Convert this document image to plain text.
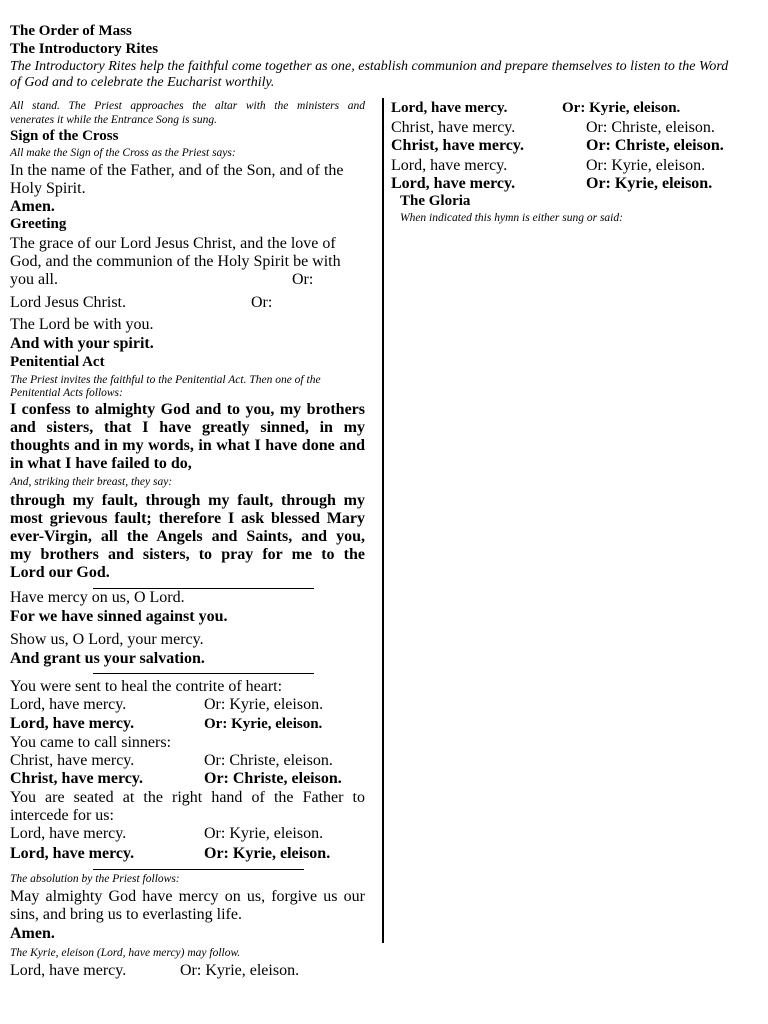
The Order of Mass
The Introductory Rites
The Introductory Rites help the faithful come together as one, establish communion and prepare themselves to listen to the Word
of God and to celebrate the Eucharist worthily.
All stand. The Priest approaches the altar with the ministers and
venerates it while the Entrance Song is sung.
Sign of the Cross
All make the Sign of the Cross as the Priest says:
In the name of the Father, and of the Son, and of the
Holy Spirit.
Amen.
Greeting
The grace of our Lord Jesus Christ, and the love of
God, and the communion of the Holy Spirit be with
you all.	Or:
Lord Jesus Christ.	Or:
The Lord be with you.
And with your spirit.
Penitential Act
The Priest invites the faithful to the Penitential Act. Then one of the
Penitential Acts follows:
I confess to almighty God and to you, my brothers
and sisters, that I have greatly sinned, in my
thoughts and in my words, in what I have done and
in what I have failed to do,
And, striking their breast, they say:
through my fault, through my fault, through my
most grievous fault; therefore I ask blessed Mary
ever-Virgin, all the Angels and Saints, and you,
my brothers and sisters, to pray for me to the
Lord our God.
Have mercy on us, O Lord.
For we have sinned against you.
Show us, O Lord, your mercy.
And grant us your salvation.
You were sent to heal the contrite of heart:
Lord, have mercy.	Or: Kyrie, eleison.
Lord, have mercy.	Or: Kyrie, eleison.
You came to call sinners:
Christ, have mercy.	Or: Christe, eleison.
Christ, have mercy.	Or: Christe, eleison.
You are seated at the right hand of the Father to
intercede for us:
Lord, have mercy.	Or: Kyrie, eleison.
Lord, have mercy.	Or: Kyrie, eleison.
The absolution by the Priest follows:
May almighty God have mercy on us, forgive us our
sins, and bring us to everlasting life.
Amen.
The Kyrie, eleison (Lord, have mercy) may follow.
Lord, have mercy.	Or: Kyrie, eleison.
Lord, have mercy.	Or: Kyrie, eleison.
Christ, have mercy.	Or: Christe, eleison.
Christ, have mercy.	Or: Christe, eleison.
Lord, have mercy.	Or: Kyrie, eleison.
Lord, have mercy.	Or: Kyrie, eleison.
The Gloria
When indicated this hymn is either sung or said:
